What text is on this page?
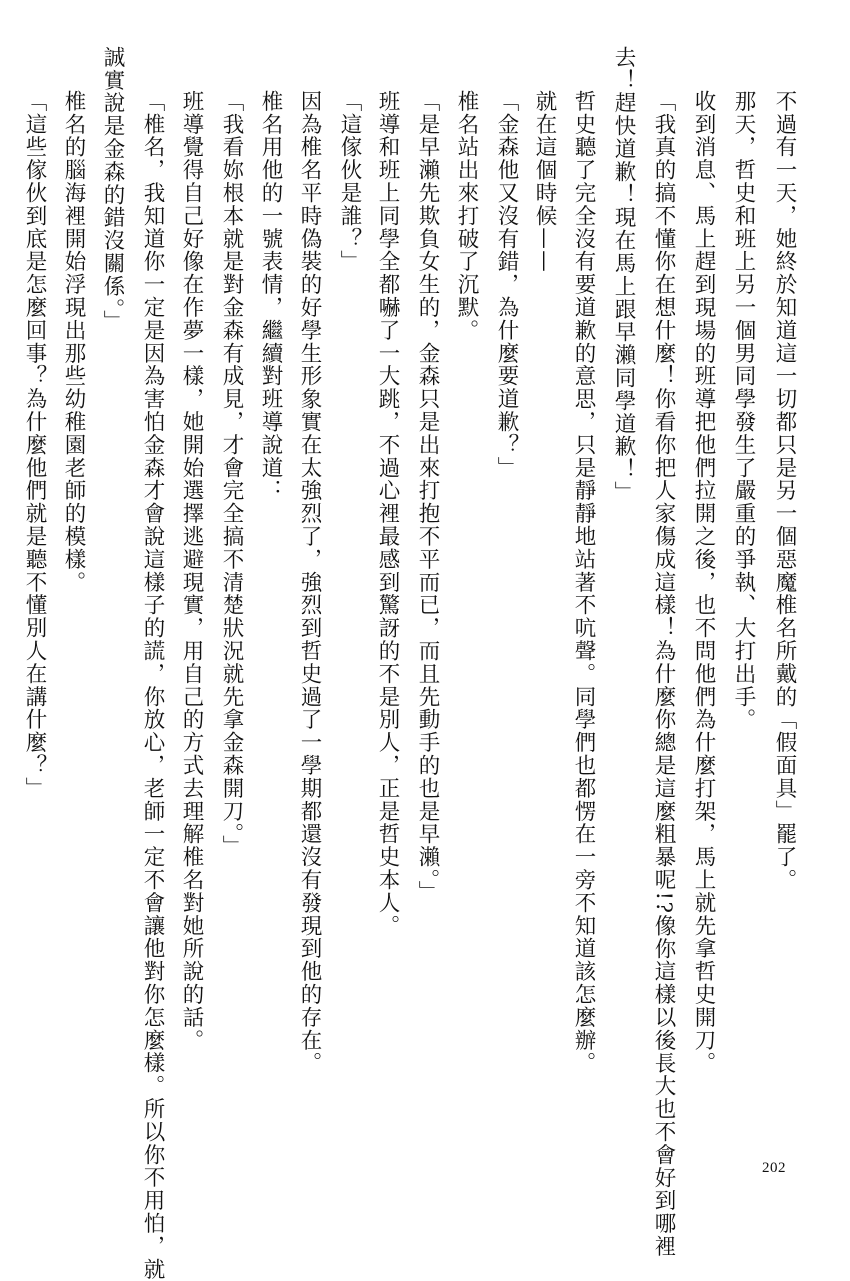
不過有一天，她終於知道這一切都只是另一個惡魔椎名所戴的「假面具」罷了。
那天，哲史和班上另一個男同學發生了嚴重的爭執、大打出手。
收到消息、馬上趕到現場的班導把他們拉開之後，也不問他們為什麼打架，馬上就先拿哲史開刀。
「我真的搞不懂你在想什麼！你看你把人家傷成這樣！為什麼你總是這麼粗暴呢!?像你這樣以後長大也不會好到哪裡
去！趕快道歉！現在馬上跟早瀨同學道歉！」
哲史聽了完全沒有要道歉的意思，只是靜靜地站著不吭聲。同學們也都愣在一旁不知道該怎麼辦。
就在這個時候——
「金森他又沒有錯，為什麼要道歉？」
椎名站出來打破了沉默。
「是早瀨先欺負女生的，金森只是出來打抱不平而已，而且先動手的也是早瀨。」
班導和班上同學全都嚇了一大跳，不過心裡最感到驚訝的不是別人，正是哲史本人。
「這傢伙是誰？」
因為椎名平時偽裝的好學生形象實在太強烈了，強烈到哲史過了一學期都還沒有發現到他的存在。
椎名用他的一號表情，繼續對班導說道：
「我看妳根本就是對金森有成見，才會完全搞不清楚狀況就先拿金森開刀。」
班導覺得自己好像在作夢一樣，她開始選擇逃避現實，用自己的方式去理解椎名對她所說的話。
「椎名，我知道你一定是因為害怕金森才會說這樣子的謊，你放心，老師一定不會讓他對你怎麼樣。所以你不用怕，就
誠實說是金森的錯沒關係。」
椎名的腦海裡開始浮現出那些幼稚園老師的模樣。
「這些傢伙到底是怎麼回事？為什麼他們就是聽不懂別人在講什麼？」
202
